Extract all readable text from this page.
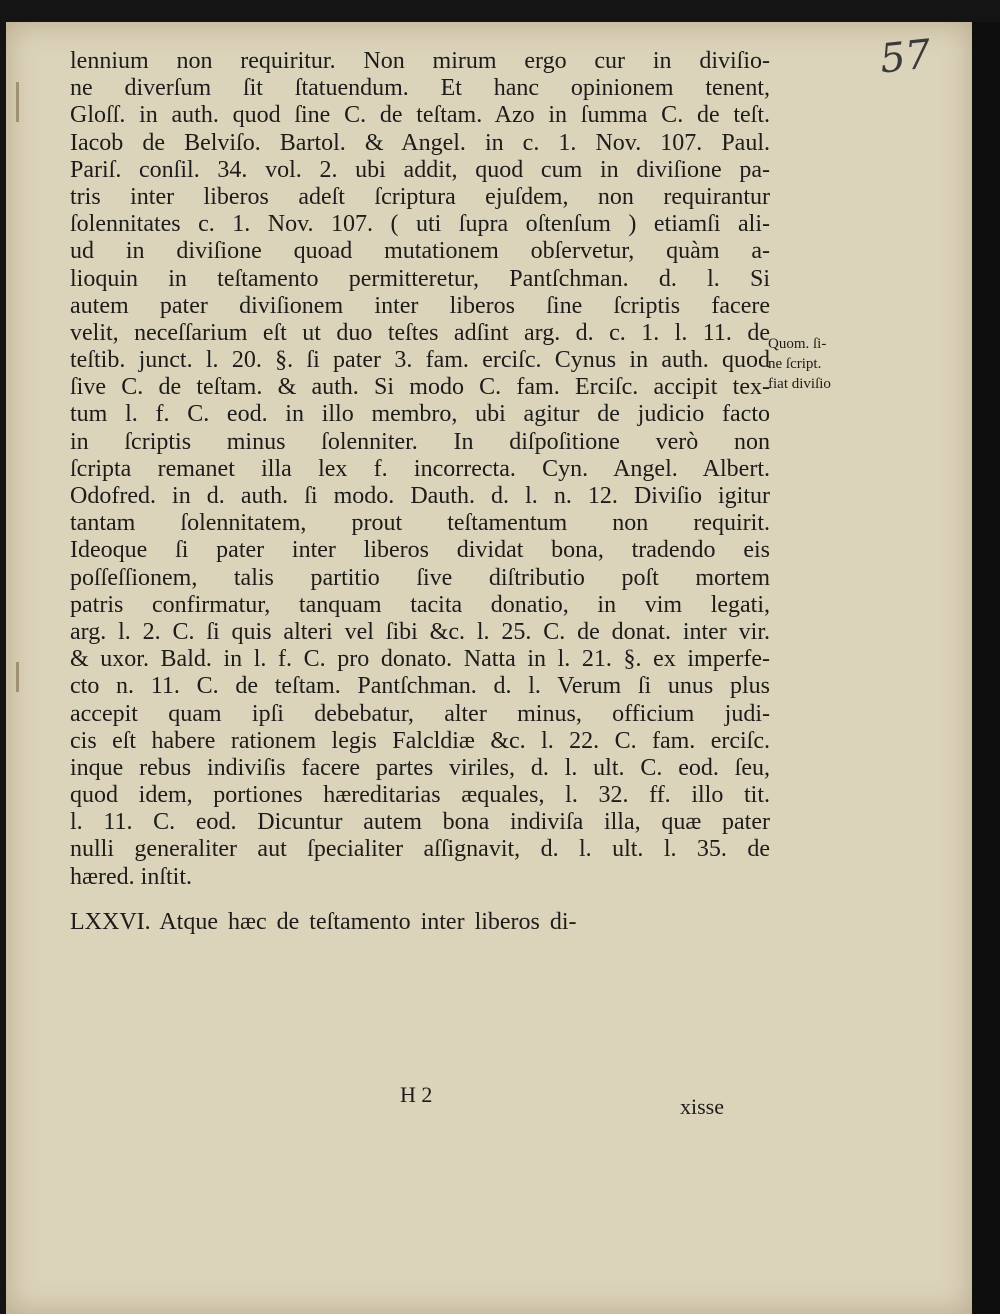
57
lennium non requiritur. Non mirum ergo cur in diviſio-
ne diverſum ſit ſtatuendum. Et hanc opinionem tenent,
Gloſſ. in auth. quod ſine C. de teſtam. Azo in ſumma C. de teſt.
Iacob de Belviſo. Bartol. & Angel. in c. 1. Nov. 107. Paul.
Pariſ. conſil. 34. vol. 2. ubi addit, quod cum in diviſione pa-
tris inter liberos adeſt ſcriptura ejuſdem, non requirantur
ſolennitates c. 1. Nov. 107. ( uti ſupra oſtenſum ) etiamſi ali-
ud in diviſione quoad mutationem obſervetur, quàm a-
lioquin in teſtamento permitteretur, Pantſchman. d. l. Si
autem pater diviſionem inter liberos ſine ſcriptis facere
velit, neceſſarium eſt ut duo teſtes adſint arg. d. c. 1. l. 11. de
teſtib. junct. l. 20. §. ſi pater 3. fam. erciſc. Cynus in auth. quod
ſive C. de teſtam. & auth. Si modo C. fam. Erciſc. accipit tex-
tum l. f. C. eod. in illo membro, ubi agitur de judicio facto
in ſcriptis minus ſolenniter. In diſpoſitione verò non
ſcripta remanet illa lex f. incorrecta. Cyn. Angel. Albert.
Odofred. in d. auth. ſi modo. Dauth. d. l. n. 12. Diviſio igitur
tantam ſolennitatem, prout teſtamentum non requirit.
Ideoque ſi pater inter liberos dividat bona, tradendo eis
poſſeſſionem, talis partitio ſive diſtributio poſt mortem
patris confirmatur, tanquam tacita donatio, in vim legati,
arg. l. 2. C. ſi quis alteri vel ſibi &c. l. 25. C. de donat. inter vir.
& uxor. Bald. in l. f. C. pro donato. Natta in l. 21. §. ex imperfe-
cto n. 11. C. de teſtam. Pantſchman. d. l. Verum ſi unus plus
accepit quam ipſi debebatur, alter minus, officium judi-
cis eſt habere rationem legis Falcldiæ &c. l. 22. C. fam. erciſc.
inque rebus indiviſis facere partes viriles, d. l. ult. C. eod. ſeu,
quod idem, portiones hæreditarias æquales, l. 32. ff. illo tit.
l. 11. C. eod. Dicuntur autem bona indiviſa illa, quæ pater
nulli generaliter aut ſpecialiter aſſignavit, d. l. ult. l. 35. de
hæred. inſtit.
LXXVI. Atque hæc de teſtamento inter liberos di-
Quom. ſi-
ne ſcript.
fiat diviſio
H 2	xisse
